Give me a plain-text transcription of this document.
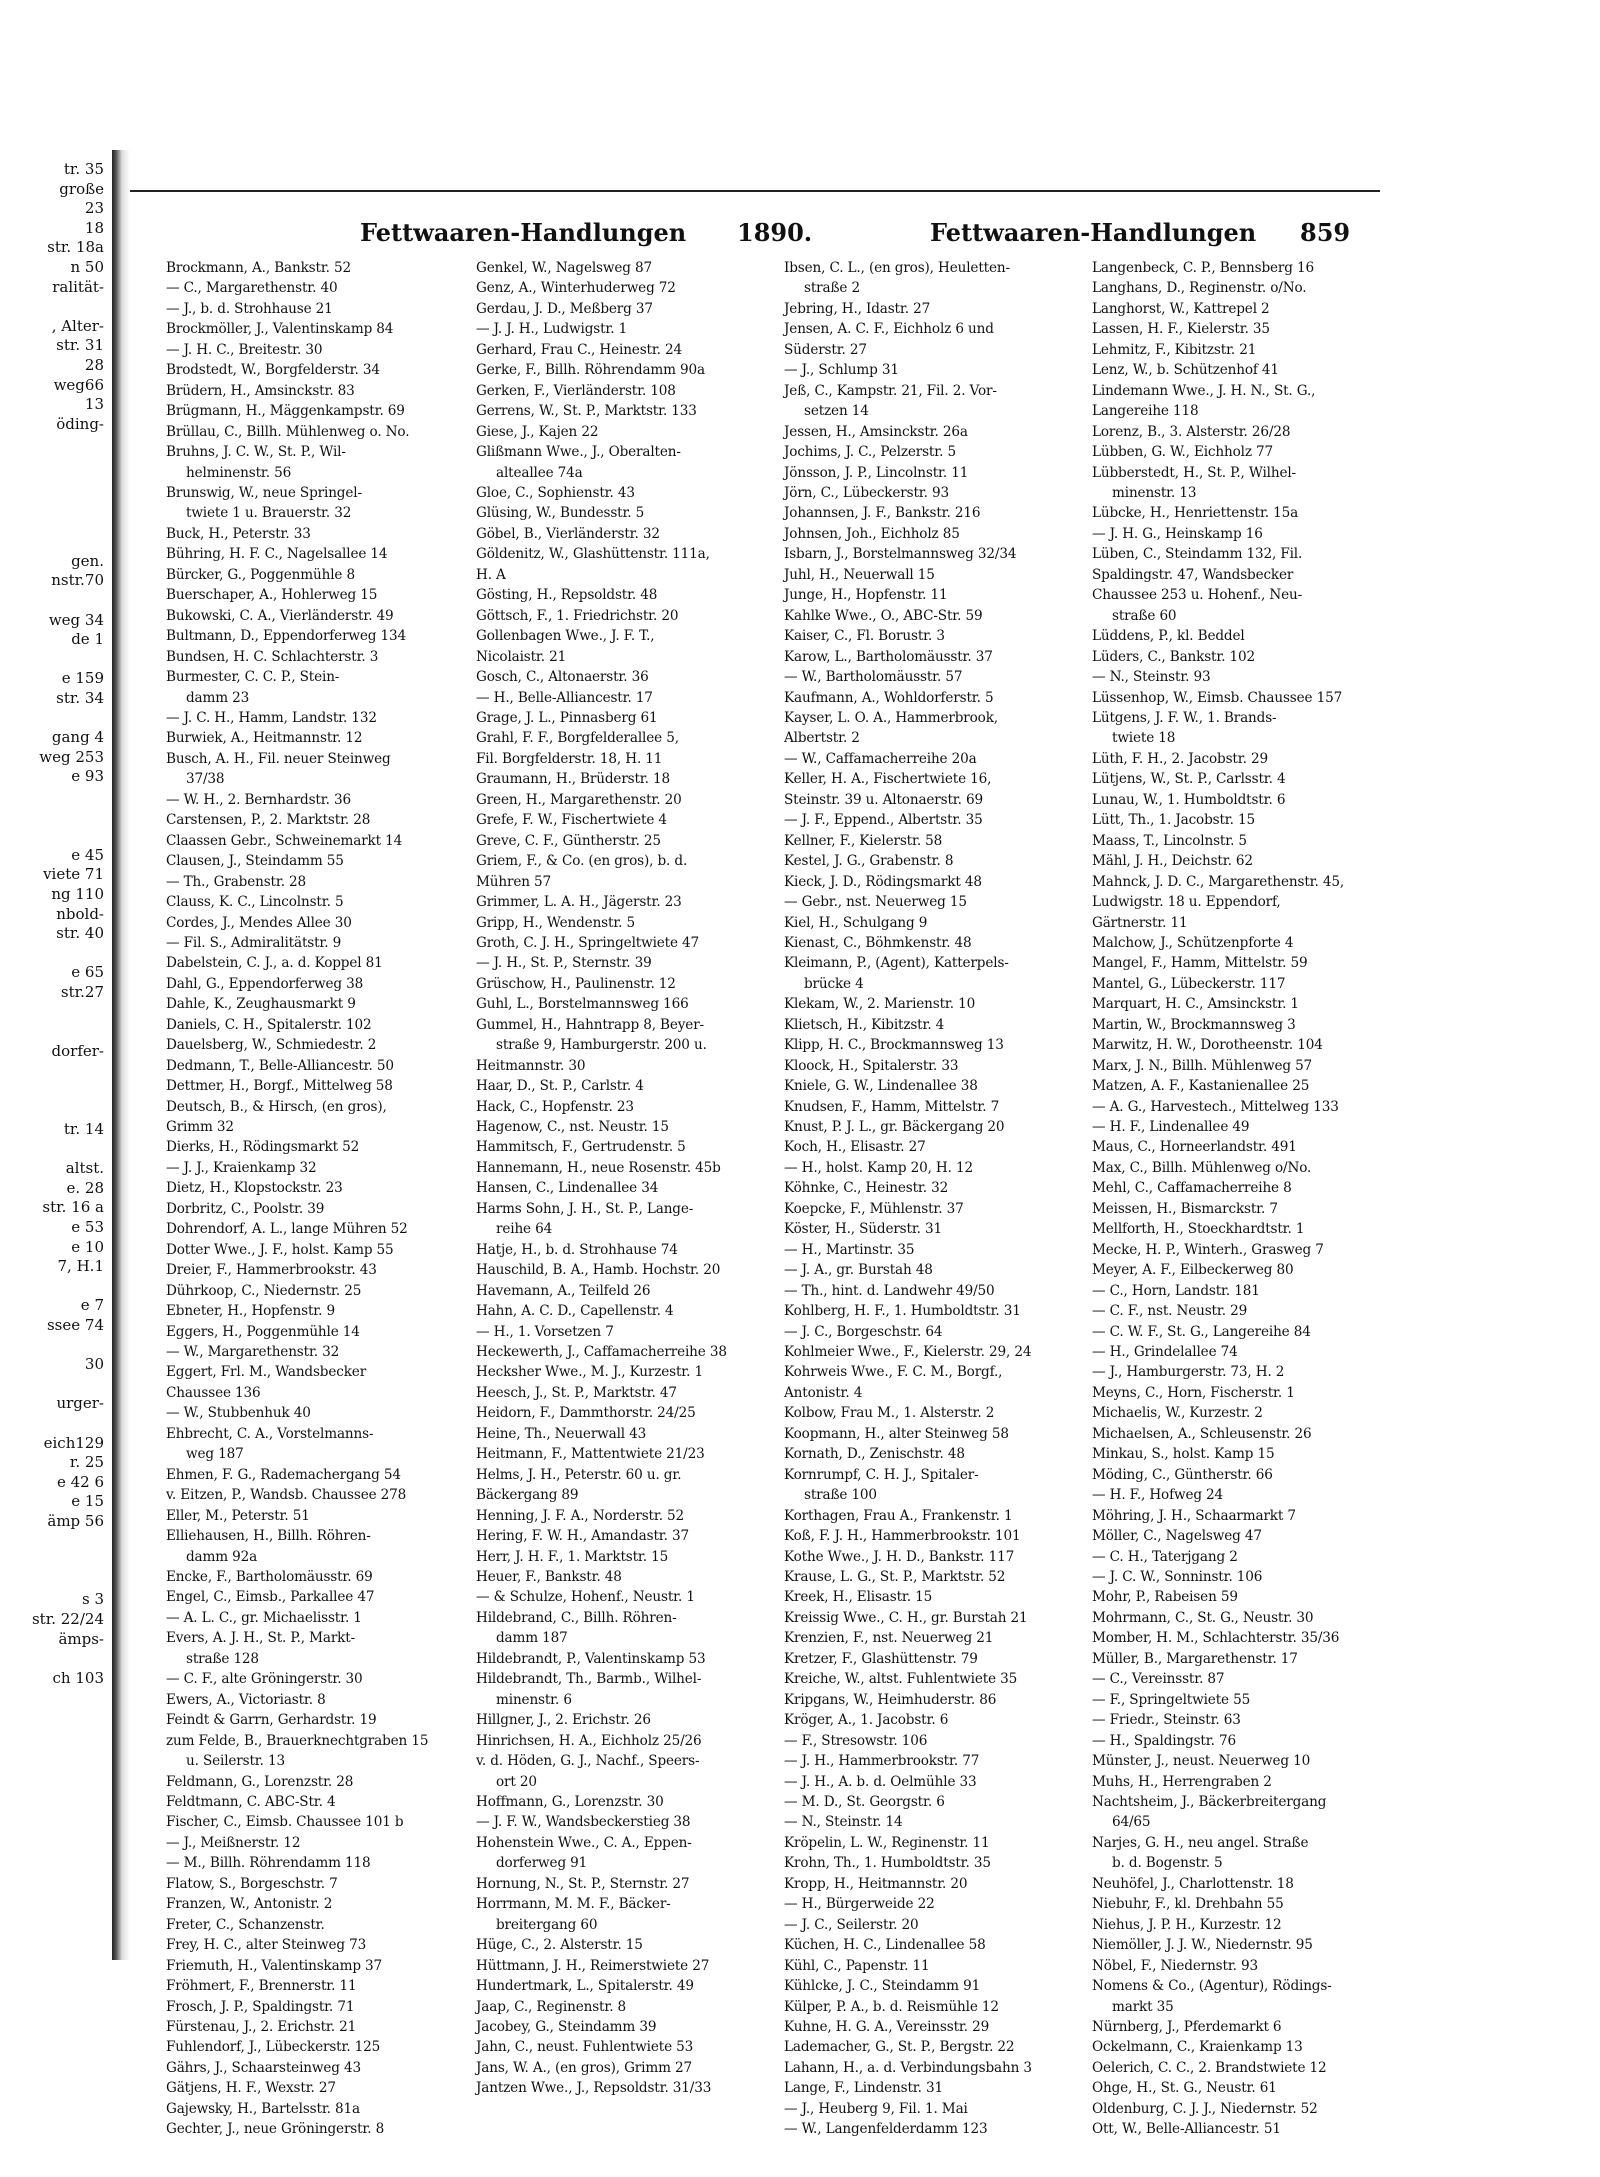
tr. 35
große
23
18
str. 18a
n 50
ralität-

, Alter-
str. 31
28
weg66
13
öding-

gen.
nstr.70

weg 34
de 1

e 159
str. 34

gang 4
weg 253
e 93

e 45
viete 71
ng 110
nbold-
str. 40

e 65
str.27

dorfer-

tr. 14

altst.
e. 28
str. 16 a
e 53
e 10
7, H.1

e 7
ssee 74

30

urger-

eich129
r. 25
e 42 6
e 15
ämp 56

s 3
str. 22/24
ämps-

ch 103
Fettwaaren-Handlungen 1890.	Fettwaaren-Handlungen 859
Brockmann, A., Bankstr. 52
— C., Margarethenstr. 40
— J., b. d. Strohhause 21
Brockmöller, J., Valentinskamp 84
— J. H. C., Breitestr. 30
Brodstedt, W., Borgfelderstr. 34
Brüdern, H., Amsinckstr. 83
Brügmann, H., Mäggenkampstr. 69
Brüllau, C., Billh. Mühlenweg o. No.
Bruhns, J. C. W., St. P., Wil-
helminenstr. 56
Brunswig, W., neue Springel-
twiete 1 u. Brauerstr. 32
Buck, H., Peterstr. 33
Bühring, H. F. C., Nagelsallee 14
Bürcker, G., Poggenmühle 8
Buerschaper, A., Hohlerweg 15
Bukowski, C. A., Vierländerstr. 49
Bultmann, D., Eppendorferweg 134
Bundsen, H. C. Schlachterstr. 3
Burmester, C. C. P., Stein-
damm 23
— J. C. H., Hamm, Landstr. 132
Burwiek, A., Heitmannstr. 12
Busch, A. H., Fil. neuer Steinweg
37/38
— W. H., 2. Bernhardstr. 36
Carstensen, P., 2. Marktstr. 28
Claassen Gebr., Schweinemarkt 14
Clausen, J., Steindamm 55
— Th., Grabenstr. 28
Clauss, K. C., Lincolnstr. 5
Cordes, J., Mendes Allee 30
— Fil. S., Admiralitätstr. 9
Dabelstein, C. J., a. d. Koppel 81
Dahl, G., Eppendorferweg 38
Dahle, K., Zeughausmarkt 9
Daniels, C. H., Spitalerstr. 102
Dauelsberg, W., Schmiedestr. 2
Dedmann, T., Belle-Alliancestr. 50
Dettmer, H., Borgf., Mittelweg 58
Deutsch, B., & Hirsch, (en gros),
Grimm 32
Dierks, H., Rödingsmarkt 52
— J. J., Kraienkamp 32
Dietz, H., Klopstockstr. 23
Dorbritz, C., Poolstr. 39
Dohrendorf, A. L., lange Mühren 52
Dotter Wwe., J. F., holst. Kamp 55
Dreier, F., Hammerbrookstr. 43
Dührkoop, C., Niedernstr. 25
Ebneter, H., Hopfenstr. 9
Eggers, H., Poggenmühle 14
— W., Margarethenstr. 32
Eggert, Frl. M., Wandsbecker
Chaussee 136
— W., Stubbenhuk 40
Ehbrecht, C. A., Vorstelmanns-
weg 187
Ehmen, F. G., Rademachergang 54
v. Eitzen, P., Wandsb. Chaussee 278
Eller, M., Peterstr. 51
Elliehausen, H., Billh. Röhren-
damm 92a
Encke, F., Bartholomäusstr. 69
Engel, C., Eimsb., Parkallee 47
— A. L. C., gr. Michaelisstr. 1
Evers, A. J. H., St. P., Markt-
straße 128
— C. F., alte Gröningerstr. 30
Ewers, A., Victoriastr. 8
Feindt & Garrn, Gerhardstr. 19
zum Felde, B., Brauerknechtgraben 15
u. Seilerstr. 13
Feldmann, G., Lorenzstr. 28
Feldtmann, C. ABC-Str. 4
Fischer, C., Eimsb. Chaussee 101 b
— J., Meißnerstr. 12
— M., Billh. Röhrendamm 118
Flatow, S., Borgeschstr. 7
Franzen, W., Antonistr. 2
Freter, C., Schanzenstr.
Frey, H. C., alter Steinweg 73
Friemuth, H., Valentinskamp 37
Fröhmert, F., Brennerstr. 11
Frosch, J. P., Spaldingstr. 71
Fürstenau, J., 2. Erichstr. 21
Fuhlendorf, J., Lübeckerstr. 125
Gährs, J., Schaarsteinweg 43
Gätjens, H. F., Wexstr. 27
Gajewsky, H., Bartelsstr. 81a
Gechter, J., neue Gröningerstr. 8
Genkel, W., Nagelsweg 87
Genz, A., Winterhuderweg 72
Gerdau, J. D., Meßberg 37
— J. J. H., Ludwigstr. 1
Gerhard, Frau C., Heinestr. 24
Gerke, F., Billh. Röhrendamm 90a
Gerken, F., Vierländerstr. 108
Gerrens, W., St. P., Marktstr. 133
Giese, J., Kajen 22
Glißmann Wwe., J., Oberalten-
alteallee 74a
Gloe, C., Sophienstr. 43
Glüsing, W., Bundesstr. 5
Göbel, B., Vierländerstr. 32
Göldenitz, W., Glashüttenstr. 111a,
H. A
Gösting, H., Repsoldstr. 48
Göttsch, F., 1. Friedrichstr. 20
Gollenbagen Wwe., J. F. T.,
Nicolaistr. 21
Gosch, C., Altonaerstr. 36
— H., Belle-Alliancestr. 17
Grage, J. L., Pinnasberg 61
Grahl, F. F., Borgfelderallee 5,
Fil. Borgfelderstr. 18, H. 11
Graumann, H., Brüderstr. 18
Green, H., Margarethenstr. 20
Grefe, F. W., Fischertwiete 4
Greve, C. F., Güntherstr. 25
Griem, F., & Co. (en gros), b. d.
Mühren 57
Grimmer, L. A. H., Jägerstr. 23
Gripp, H., Wendenstr. 5
Groth, C. J. H., Springeltwiete 47
— J. H., St. P., Sternstr. 39
Grüschow, H., Paulinenstr. 12
Guhl, L., Borstelmannsweg 166
Gummel, H., Hahntrapp 8, Beyer-
straße 9, Hamburgerstr. 200 u.
Heitmannstr. 30
Haar, D., St. P., Carlstr. 4
Hack, C., Hopfenstr. 23
Hagenow, C., nst. Neustr. 15
Hammitsch, F., Gertrudenstr. 5
Hannemann, H., neue Rosenstr. 45b
Hansen, C., Lindenallee 34
Harms Sohn, J. H., St. P., Lange-
reihe 64
Hatje, H., b. d. Strohhause 74
Hauschild, B. A., Hamb. Hochstr. 20
Havemann, A., Teilfeld 26
Hahn, A. C. D., Capellenstr. 4
— H., 1. Vorsetzen 7
Heckewerth, J., Caffamacherreihe 38
Hecksher Wwe., M. J., Kurzestr. 1
Heesch, J., St. P., Marktstr. 47
Heidorn, F., Dammthorstr. 24/25
Heine, Th., Neuerwall 43
Heitmann, F., Mattentwiete 21/23
Helms, J. H., Peterstr. 60 u. gr.
Bäckergang 89
Henning, J. F. A., Norderstr. 52
Hering, F. W. H., Amandastr. 37
Herr, J. H. F., 1. Marktstr. 15
Heuer, F., Bankstr. 48
— & Schulze, Hohenf., Neustr. 1
Hildebrand, C., Billh. Röhren-
damm 187
Hildebrandt, P., Valentinskamp 53
Hildebrandt, Th., Barmb., Wilhel-
minenstr. 6
Hillgner, J., 2. Erichstr. 26
Hinrichsen, H. A., Eichholz 25/26
v. d. Höden, G. J., Nachf., Speers-
ort 20
Hoffmann, G., Lorenzstr. 30
— J. F. W., Wandsbeckerstieg 38
Hohenstein Wwe., C. A., Eppen-
dorferweg 91
Hornung, N., St. P., Sternstr. 27
Horrmann, M. M. F., Bäcker-
breitergang 60
Hüge, C., 2. Alsterstr. 15
Hüttmann, J. H., Reimerstwiete 27
Hundertmark, L., Spitalerstr. 49
Jaap, C., Reginenstr. 8
Jacobey, G., Steindamm 39
Jahn, C., neust. Fuhlentwiete 53
Jans, W. A., (en gros), Grimm 27
Jantzen Wwe., J., Repsoldstr. 31/33
Ibsen, C. L., (en gros), Heuletten-
straße 2
Jebring, H., Idastr. 27
Jensen, A. C. F., Eichholz 6 und
Süderstr. 27
— J., Schlump 31
Jeß, C., Kampstr. 21, Fil. 2. Vor-
setzen 14
Jessen, H., Amsinckstr. 26a
Jochims, J. C., Pelzerstr. 5
Jönsson, J. P., Lincolnstr. 11
Jörn, C., Lübeckerstr. 93
Johannsen, J. F., Bankstr. 216
Johnsen, Joh., Eichholz 85
Isbarn, J., Borstelmannsweg 32/34
Juhl, H., Neuerwall 15
Junge, H., Hopfenstr. 11
Kahlke Wwe., O., ABC-Str. 59
Kaiser, C., Fl. Borustr. 3
Karow, L., Bartholomäusstr. 37
— W., Bartholomäusstr. 57
Kaufmann, A., Wohldorferstr. 5
Kayser, L. O. A., Hammerbrook,
Albertstr. 2
— W., Caffamacherreihe 20a
Keller, H. A., Fischertwiete 16,
Steinstr. 39 u. Altonaerstr. 69
— J. F., Eppend., Albertstr. 35
Kellner, F., Kielerstr. 58
Kestel, J. G., Grabenstr. 8
Kieck, J. D., Rödingsmarkt 48
— Gebr., nst. Neuerweg 15
Kiel, H., Schulgang 9
Kienast, C., Böhmkenstr. 48
Kleimann, P., (Agent), Katterpels-
brücke 4
Klekam, W., 2. Marienstr. 10
Klietsch, H., Kibitzstr. 4
Klipp, H. C., Brockmannsweg 13
Kloock, H., Spitalerstr. 33
Kniele, G. W., Lindenallee 38
Knudsen, F., Hamm, Mittelstr. 7
Knust, P. J. L., gr. Bäckergang 20
Koch, H., Elisastr. 27
— H., holst. Kamp 20, H. 12
Köhnke, C., Heinestr. 32
Koepcke, F., Mühlenstr. 37
Köster, H., Süderstr. 31
— H., Martinstr. 35
— J. A., gr. Burstah 48
— Th., hint. d. Landwehr 49/50
Kohlberg, H. F., 1. Humboldtstr. 31
— J. C., Borgeschstr. 64
Kohlmeier Wwe., F., Kielerstr. 29, 24
Kohrweis Wwe., F. C. M., Borgf.,
Antonistr. 4
Kolbow, Frau M., 1. Alsterstr. 2
Koopmann, H., alter Steinweg 58
Kornath, D., Zenischstr. 48
Kornrumpf, C. H. J., Spitaler-
straße 100
Korthagen, Frau A., Frankenstr. 1
Koß, F. J. H., Hammerbrookstr. 101
Kothe Wwe., J. H. D., Bankstr. 117
Krause, L. G., St. P., Marktstr. 52
Kreek, H., Elisastr. 15
Kreissig Wwe., C. H., gr. Burstah 21
Krenzien, F., nst. Neuerweg 21
Kretzer, F., Glashüttenstr. 79
Kreiche, W., altst. Fuhlentwiete 35
Kripgans, W., Heimhuderstr. 86
Kröger, A., 1. Jacobstr. 6
— F., Stresowstr. 106
— J. H., Hammerbrookstr. 77
— J. H., A. b. d. Oelmühle 33
— M. D., St. Georgstr. 6
— N., Steinstr. 14
Kröpelin, L. W., Reginenstr. 11
Krohn, Th., 1. Humboldtstr. 35
Kropp, H., Heitmannstr. 20
— H., Bürgerweide 22
— J. C., Seilerstr. 20
Küchen, H. C., Lindenallee 58
Kühl, C., Papenstr. 11
Kühlcke, J. C., Steindamm 91
Külper, P. A., b. d. Reismühle 12
Kuhne, H. G. A., Vereinsstr. 29
Lademacher, G., St. P., Bergstr. 22
Lahann, H., a. d. Verbindungsbahn 3
Lange, F., Lindenstr. 31
— J., Heuberg 9, Fil. 1. Mai
— W., Langenfelderdamm 123
Langenbeck, C. P., Bennsberg 16
Langhans, D., Reginenstr. o/No.
Langhorst, W., Kattrepel 2
Lassen, H. F., Kielerstr. 35
Lehmitz, F., Kibitzstr. 21
Lenz, W., b. Schützenhof 41
Lindemann Wwe., J. H. N., St. G.,
Langereihe 118
Lorenz, B., 3. Alsterstr. 26/28
Lübben, G. W., Eichholz 77
Lübberstedt, H., St. P., Wilhel-
minenstr. 13
Lübcke, H., Henriettenstr. 15a
— J. H. G., Heinskamp 16
Lüben, C., Steindamm 132, Fil.
Spaldingstr. 47, Wandsbecker
Chaussee 253 u. Hohenf., Neu-
straße 60
Lüddens, P., kl. Beddel
Lüders, C., Bankstr. 102
— N., Steinstr. 93
Lüssenhop, W., Eimsb. Chaussee 157
Lütgens, J. F. W., 1. Brands-
twiete 18
Lüth, F. H., 2. Jacobstr. 29
Lütjens, W., St. P., Carlsstr. 4
Lunau, W., 1. Humboldtstr. 6
Lütt, Th., 1. Jacobstr. 15
Maass, T., Lincolnstr. 5
Mähl, J. H., Deichstr. 62
Mahnck, J. D. C., Margarethenstr. 45,
Ludwigstr. 18 u. Eppendorf,
Gärtnerstr. 11
Malchow, J., Schützenpforte 4
Mangel, F., Hamm, Mittelstr. 59
Mantel, G., Lübeckerstr. 117
Marquart, H. C., Amsinckstr. 1
Martin, W., Brockmannsweg 3
Marwitz, H. W., Dorotheenstr. 104
Marx, J. N., Billh. Mühlenweg 57
Matzen, A. F., Kastanienallee 25
— A. G., Harvestech., Mittelweg 133
— H. F., Lindenallee 49
Maus, C., Horneerlandstr. 491
Max, C., Billh. Mühlenweg o/No.
Mehl, C., Caffamacherreihe 8
Meissen, H., Bismarckstr. 7
Mellforth, H., Stoeckhardtstr. 1
Mecke, H. P., Winterh., Grasweg 7
Meyer, A. F., Eilbeckerweg 80
— C., Horn, Landstr. 181
— C. F., nst. Neustr. 29
— C. W. F., St. G., Langereihe 84
— H., Grindelallee 74
— J., Hamburgerstr. 73, H. 2
Meyns, C., Horn, Fischerstr. 1
Michaelis, W., Kurzestr. 2
Michaelsen, A., Schleusenstr. 26
Minkau, S., holst. Kamp 15
Möding, C., Güntherstr. 66
— H. F., Hofweg 24
Möhring, J. H., Schaarmarkt 7
Möller, C., Nagelsweg 47
— C. H., Taterjgang 2
— J. C. W., Sonninstr. 106
Mohr, P., Rabeisen 59
Mohrmann, C., St. G., Neustr. 30
Momber, H. M., Schlachterstr. 35/36
Müller, B., Margarethenstr. 17
— C., Vereinsstr. 87
— F., Springeltwiete 55
— Friedr., Steinstr. 63
— H., Spaldingstr. 76
Münster, J., neust. Neuerweg 10
Muhs, H., Herrengraben 2
Nachtsheim, J., Bäckerbreitergang
64/65
Narjes, G. H., neu angel. Straße
b. d. Bogenstr. 5
Neuhöfel, J., Charlottenstr. 18
Niebuhr, F., kl. Drehbahn 55
Niehus, J. P. H., Kurzestr. 12
Niemöller, J. J. W., Niedernstr. 95
Nöbel, F., Niedernstr. 93
Nomens & Co., (Agentur), Rödings-
markt 35
Nürnberg, J., Pferdemarkt 6
Ockelmann, C., Kraienkamp 13
Oelerich, C. C., 2. Brandstwiete 12
Ohge, H., St. G., Neustr. 61
Oldenburg, C. J. J., Niedernstr. 52
Ott, W., Belle-Alliancestr. 51
